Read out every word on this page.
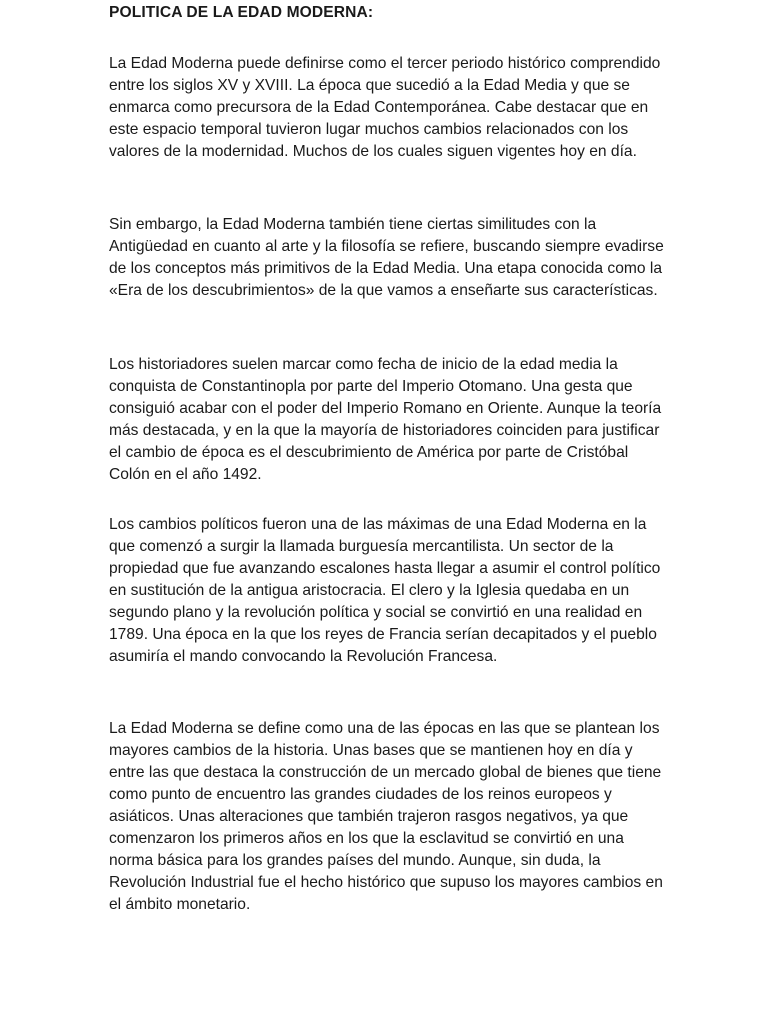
POLITICA DE LA EDAD MODERNA:

La Edad Moderna puede definirse como el tercer periodo histórico comprendido entre los siglos XV y XVIII. La época que sucedió a la Edad Media y que se enmarca como precursora de la Edad Contemporánea. Cabe destacar que en este espacio temporal tuvieron lugar muchos cambios relacionados con los valores de la modernidad. Muchos de los cuales siguen vigentes hoy en día.

Sin embargo, la Edad Moderna también tiene ciertas similitudes con la Antigüedad en cuanto al arte y la filosofía se refiere, buscando siempre evadirse de los conceptos más primitivos de la Edad Media. Una etapa conocida como la «Era de los descubrimientos» de la que vamos a enseñarte sus características.

Los historiadores suelen marcar como fecha de inicio de la edad media la conquista de Constantinopla por parte del Imperio Otomano. Una gesta que consiguió acabar con el poder del Imperio Romano en Oriente. Aunque la teoría más destacada, y en la que la mayoría de historiadores coinciden para justificar el cambio de época es el descubrimiento de América por parte de Cristóbal Colón en el año 1492.

Los cambios políticos fueron una de las máximas de una Edad Moderna en la que comenzó a surgir la llamada burguesía mercantilista. Un sector de la propiedad que fue avanzando escalones hasta llegar a asumir el control político en sustitución de la antigua aristocracia. El clero y la Iglesia quedaba en un segundo plano y la revolución política y social se convirtió en una realidad en 1789. Una época en la que los reyes de Francia serían decapitados y el pueblo asumiría el mando convocando la Revolución Francesa.

La Edad Moderna se define como una de las épocas en las que se plantean los mayores cambios de la historia. Unas bases que se mantienen hoy en día y entre las que destaca la construcción de un mercado global de bienes que tiene como punto de encuentro las grandes ciudades de los reinos europeos y asiáticos. Unas alteraciones que también trajeron rasgos negativos, ya que comenzaron los primeros años en los que la esclavitud se convirtió en una norma básica para los grandes países del mundo. Aunque, sin duda, la Revolución Industrial fue el hecho histórico que supuso los mayores cambios en el ámbito monetario.
